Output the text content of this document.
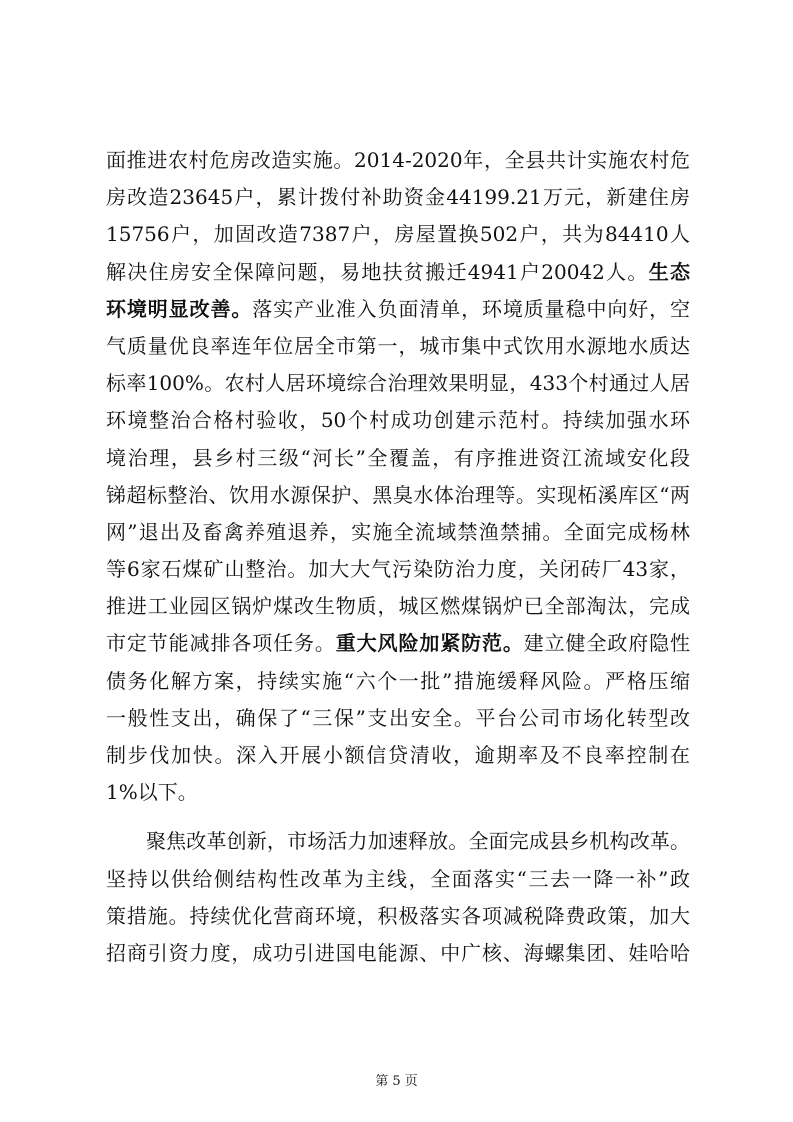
面推进农村危房改造实施。2014-2020年，全县共计实施农村危
房改造23645户，累计拨付补助资金44199.21万元，新建住房
15756户，加固改造7387户，房屋置换502户，共为84410人
解决住房安全保障问题，易地扶贫搬迁4941户20042人。生态
环境明显改善。落实产业准入负面清单，环境质量稳中向好，空
气质量优良率连年位居全市第一，城市集中式饮用水源地水质达
标率100%。农村人居环境综合治理效果明显，433个村通过人居
环境整治合格村验收，50个村成功创建示范村。持续加强水环
境治理，县乡村三级“河长”全覆盖，有序推进资江流域安化段
锑超标整治、饮用水源保护、黑臭水体治理等。实现柘溪库区“两
网”退出及畜禽养殖退养，实施全流域禁渔禁捕。全面完成杨林
等6家石煤矿山整治。加大大气污染防治力度，关闭砖厂43家，
推进工业园区锅炉煤改生物质，城区燃煤锅炉已全部淘汰，完成
市定节能减排各项任务。重大风险加紧防范。建立健全政府隐性
债务化解方案，持续实施“六个一批”措施缓释风险。严格压缩
一般性支出，确保了“三保”支出安全。平台公司市场化转型改
制步伐加快。深入开展小额信贷清收，逾期率及不良率控制在
1%以下。
聚焦改革创新，市场活力加速释放。全面完成县乡机构改革。
坚持以供给侧结构性改革为主线，全面落实“三去一降一补”政
策措施。持续优化营商环境，积极落实各项减税降费政策，加大
招商引资力度，成功引进国电能源、中广核、海螺集团、娃哈哈
第 5 页
